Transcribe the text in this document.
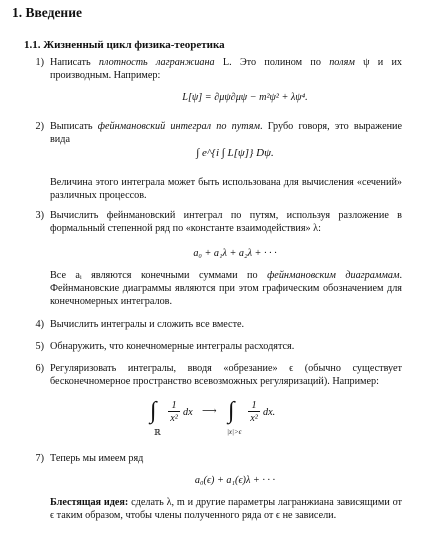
1. Введение
1.1. Жизненный цикл физика-теоретика
1) Написать плотность лагранжиана L. Это полином по полям ψ и их производным. Например:
L[ψ] = ∂μψ∂μψ − m²ψ² + λψ⁴.
2) Выписать фейнмановский интеграл по путям. Грубо говоря, это выражение вида
∫ e^{i ∫ L[ψ]} Dψ.
Величина этого интеграла может быть использована для вычисления «сечений» различных процессов.
3) Вычислить фейнмановский интеграл по путям, используя разложение в формальный степенной ряд по «константе взаимодействия» λ:
a₀ + a₁λ + a₂λ + · · ·
Все aᵢ являются конечными суммами по фейнмановским диаграммам. Фейнмановские диаграммы являются при этом графическим обозначением для конечномерных интегралов.
4) Вычислить интегралы и сложить все вместе.
5) Обнаружить, что конечномерные интегралы расходятся.
6) Регуляризовать интегралы, вводя «обрезание» ϵ (обычно существует бесконечномерное пространство всевозможных регуляризаций). Например:
∫
ℝ
1
x²
dx ⟶ ∫
|x|>ϵ
1
x²
dx.
7) Теперь мы имеем ряд
a₀(ϵ) + a₁(ϵ)λ + · · ·
Блестящая идея: сделать λ, m и другие параметры лагранжиана зависящими от ϵ таким образом, чтобы члены полученного ряда от ϵ не зависели.
